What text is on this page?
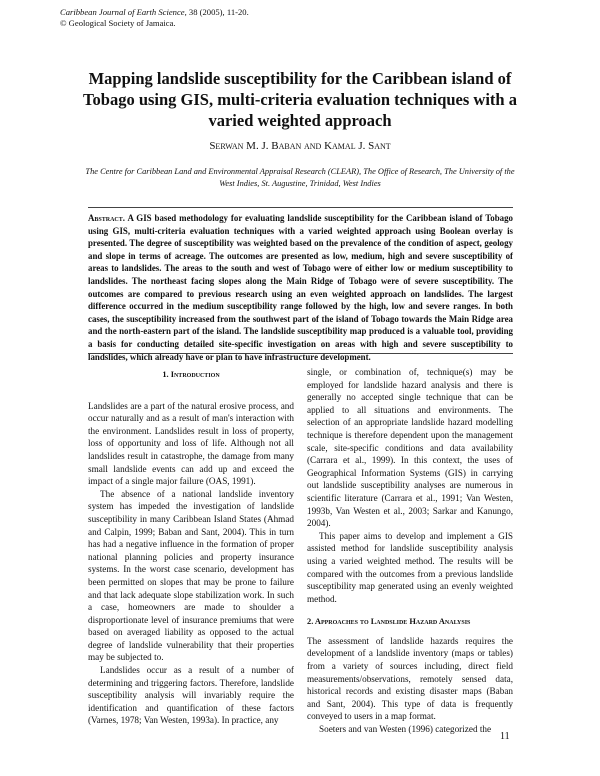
Caribbean Journal of Earth Science, 38 (2005), 11-20.
© Geological Society of Jamaica.
Mapping landslide susceptibility for the Caribbean island of Tobago using GIS, multi-criteria evaluation techniques with a varied weighted approach
Serwan M. J. Baban and Kamal J. Sant
The Centre for Caribbean Land and Environmental Appraisal Research (CLEAR), The Office of Research, The University of the West Indies, St. Augustine, Trinidad, West Indies
Abstract. A GIS based methodology for evaluating landslide susceptibility for the Caribbean island of Tobago using GIS, multi-criteria evaluation techniques with a varied weighted approach using Boolean overlay is presented. The degree of susceptibility was weighted based on the prevalence of the condition of aspect, geology and slope in terms of acreage. The outcomes are presented as low, medium, high and severe susceptibility of areas to landslides. The areas to the south and west of Tobago were of either low or medium susceptibility to landslides. The northeast facing slopes along the Main Ridge of Tobago were of severe susceptibility. The outcomes are compared to previous research using an even weighted approach on landslides. The largest difference occurred in the medium susceptibility range followed by the high, low and severe ranges. In both cases, the susceptibility increased from the southwest part of the island of Tobago towards the Main Ridge area and the north-eastern part of the island. The landslide susceptibility map produced is a valuable tool, providing a basis for conducting detailed site-specific investigation on areas with high and severe susceptibility to landslides, which already have or plan to have infrastructure development.
1. Introduction

Landslides are a part of the natural erosive process, and occur naturally and as a result of man's interaction with the environment. Landslides result in loss of property, loss of opportunity and loss of life. Although not all landslides result in catastrophe, the damage from many small landslide events can add up and exceed the impact of a single major failure (OAS, 1991).

The absence of a national landslide inventory system has impeded the investigation of landslide susceptibility in many Caribbean Island States (Ahmad and Calpin, 1999; Baban and Sant, 2004). This in turn has had a negative influence in the formation of proper national planning policies and property insurance systems. In the worst case scenario, development has been permitted on slopes that may be prone to failure and that lack adequate slope stabilization work. In such a case, homeowners are made to shoulder a disproportionate level of insurance premiums that were based on averaged liability as opposed to the actual degree of landslide vulnerability that their properties may be subjected to.

Landslides occur as a result of a number of determining and triggering factors. Therefore, landslide susceptibility analysis will invariably require the identification and quantification of these factors (Varnes, 1978; Van Westen, 1993a). In practice, any

single, or combination of, technique(s) may be employed for landslide hazard analysis and there is generally no accepted single technique that can be applied to all situations and environments. The selection of an appropriate landslide hazard modelling technique is therefore dependent upon the management scale, site-specific conditions and data availability (Carrara et al., 1999). In this context, the uses of Geographical Information Systems (GIS) in carrying out landslide susceptibility analyses are numerous in scientific literature (Carrara et al., 1991; Van Westen, 1993b, Van Westen et al., 2003; Sarkar and Kanungo, 2004).

This paper aims to develop and implement a GIS assisted method for landslide susceptibility analysis using a varied weighted method. The results will be compared with the outcomes from a previous landslide susceptibility map generated using an evenly weighted method.

2. Approaches to Landslide Hazard Analysis

The assessment of landslide hazards requires the development of a landslide inventory (maps or tables) from a variety of sources including, direct field measurements/observations, remotely sensed data, historical records and existing disaster maps (Baban and Sant, 2004). This type of data is frequently conveyed to users in a map format.

Soeters and van Westen (1996) categorized the

11
